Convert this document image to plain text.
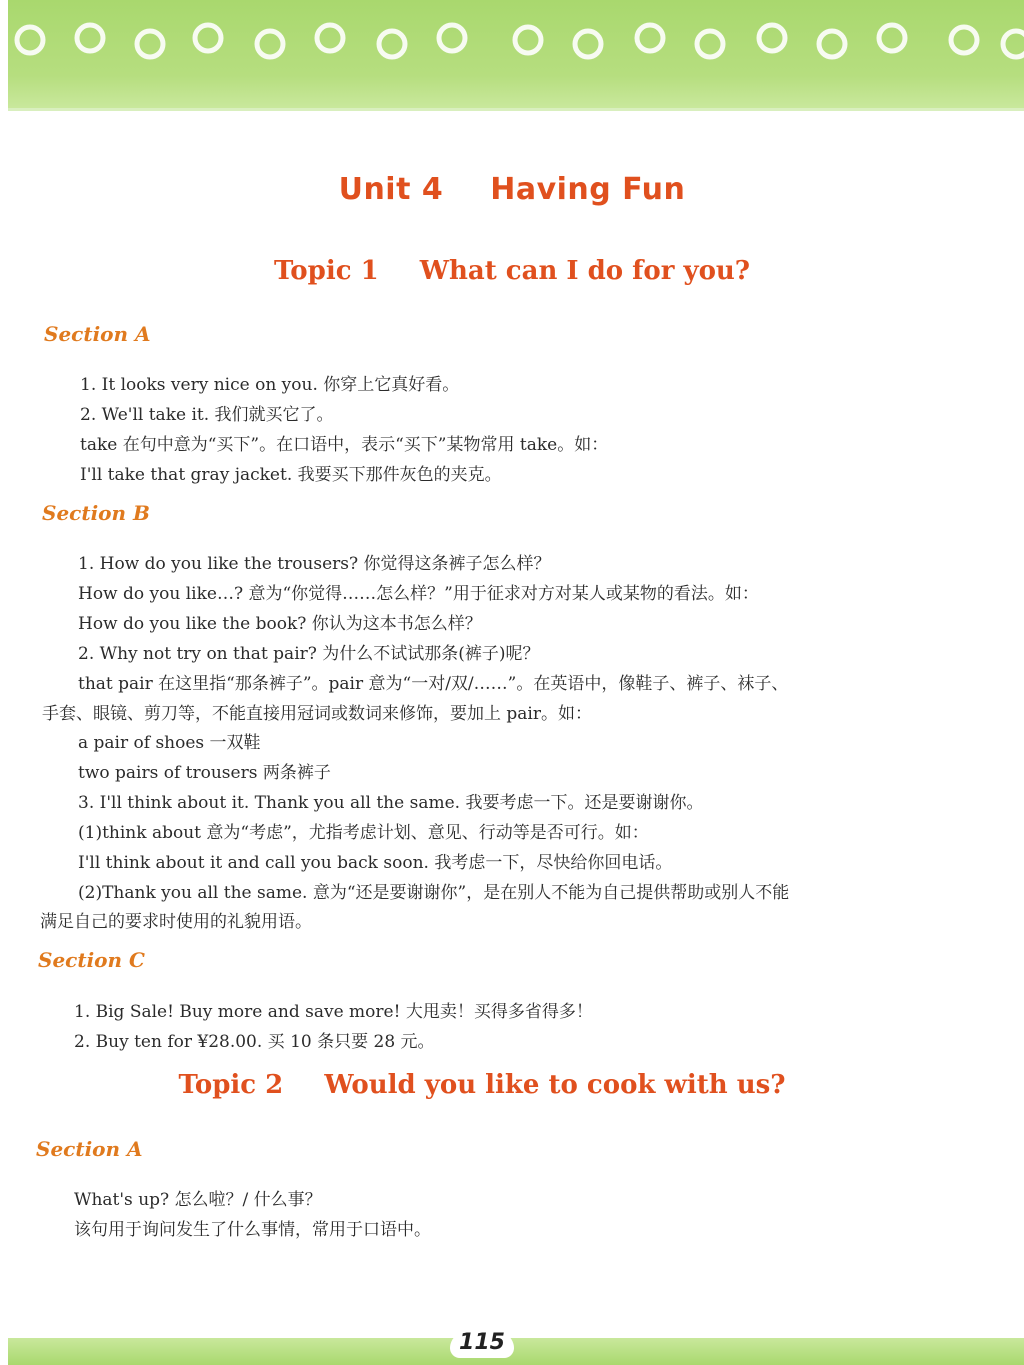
Unit 4 Having Fun
Topic 1 What can I do for you?
Section A
1. It looks very nice on you. 你穿上它真好看。
2. We'll take it. 我们就买它了。
take 在句中意为“买下”。在口语中，表示“买下”某物常用 take。如：
I'll take that gray jacket. 我要买下那件灰色的夹克。
Section B
1. How do you like the trousers? 你觉得这条裤子怎么样？
How do you like…? 意为“你觉得……怎么样？”用于征求对方对某人或某物的看法。如：
How do you like the book? 你认为这本书怎么样？
2. Why not try on that pair? 为什么不试试那条(裤子)呢？
that pair 在这里指“那条裤子”。pair 意为“一对/双/……”。在英语中，像鞋子、裤子、袜子、
手套、眼镜、剪刀等，不能直接用冠词或数词来修饰，要加上 pair。如：
a pair of shoes 一双鞋
two pairs of trousers 两条裤子
3. I'll think about it. Thank you all the same. 我要考虑一下。还是要谢谢你。
(1)think about 意为“考虑”，尤指考虑计划、意见、行动等是否可行。如：
I'll think about it and call you back soon. 我考虑一下，尽快给你回电话。
(2)Thank you all the same. 意为“还是要谢谢你”，是在别人不能为自己提供帮助或别人不能
满足自己的要求时使用的礼貌用语。
Section C
1. Big Sale! Buy more and save more! 大甩卖！买得多省得多！
2. Buy ten for ¥28.00. 买 10 条只要 28 元。
Topic 2 Would you like to cook with us?
Section A
What's up? 怎么啦？/ 什么事？
该句用于询问发生了什么事情，常用于口语中。
115
